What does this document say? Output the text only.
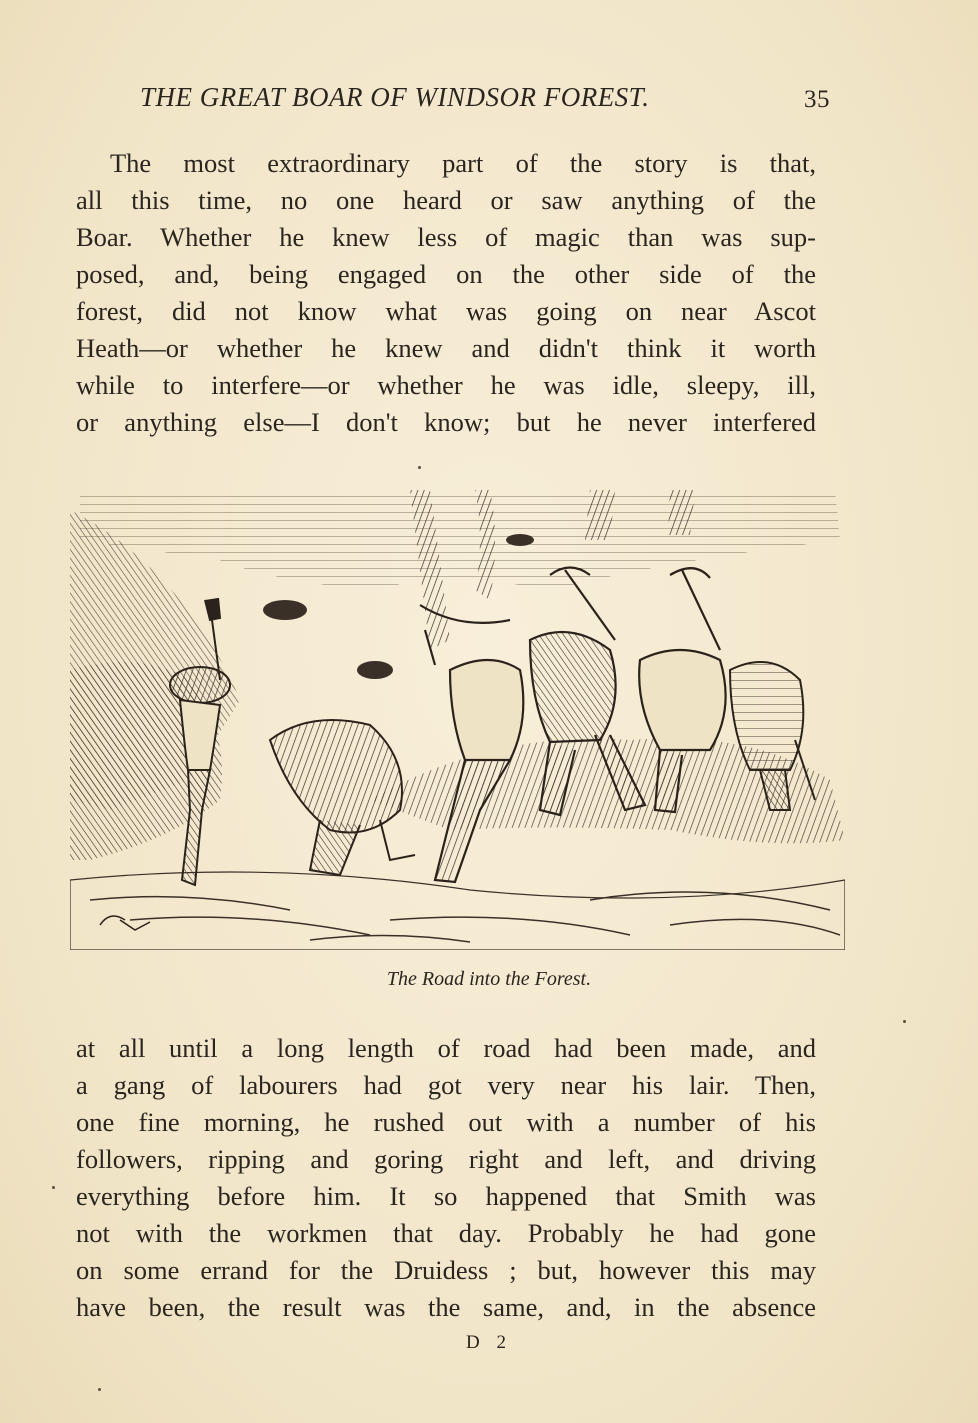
THE GREAT BOAR OF WINDSOR FOREST.	35
The most extraordinary part of the story is that,
all this time, no one heard or saw anything of the
Boar. Whether he knew less of magic than was sup-
posed, and, being engaged on the other side of the
forest, did not know what was going on near Ascot
Heath—or whether he knew and didn't think it worth
while to interfere—or whether he was idle, sleepy, ill,
or anything else—I don't know; but he never interfered
The Road into the Forest.
at all until a long length of road had been made, and
a gang of labourers had got very near his lair. Then,
one fine morning, he rushed out with a number of his
followers, ripping and goring right and left, and driving
everything before him. It so happened that Smith was
not with the workmen that day. Probably he had gone
on some errand for the Druidess ; but, however this may
have been, the result was the same, and, in the absence
D 2
